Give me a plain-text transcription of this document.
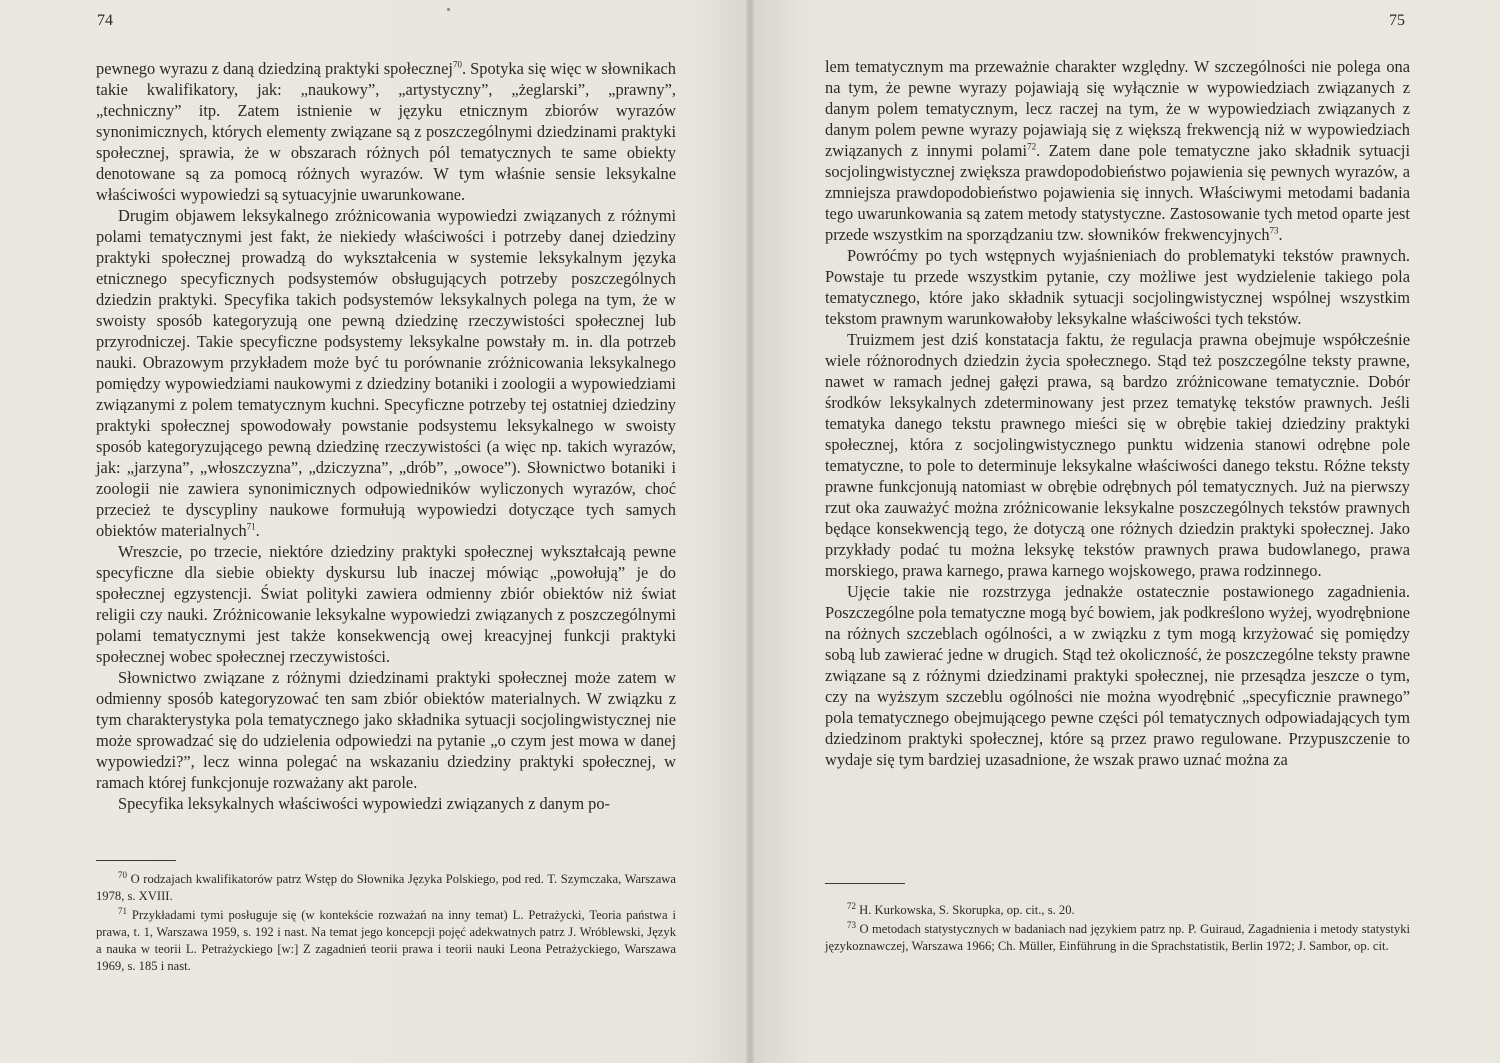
74

pewnego wyrazu z daną dziedziną praktyki społecznej$^{70}$. Spotyka się więc w słownikach takie kwalifikatory, jak: „naukowy”, „artystyczny”, „żeglarski”, „prawny”, „techniczny” itp. Zatem istnienie w języku etnicznym zbiorów wyrazów synonimicznych, których elementy związane są z poszczególnymi dziedzinami praktyki społecznej, sprawia, że w obszarach różnych pól tematycznych te same obiekty denotowane są za pomocą różnych wyrazów. W tym właśnie sensie leksykalne właściwości wypowiedzi są sytuacyjnie uwarunkowane.

Drugim objawem leksykalnego zróżnicowania wypowiedzi związanych z różnymi polami tematycznymi jest fakt, że niekiedy właściwości i potrzeby danej dziedziny praktyki społecznej prowadzą do wykształcenia w systemie leksykalnym języka etnicznego specyficznych podsystemów obsługujących potrzeby poszczególnych dziedzin praktyki. Specyfika takich podsystemów leksykalnych polega na tym, że w swoisty sposób kategoryzują one pewną dziedzinę rzeczywistości społecznej lub przyrodniczej. Takie specyficzne podsystemy leksykalne powstały m. in. dla potrzeb nauki. Obrazowym przykładem może być tu porównanie zróżnicowania leksykalnego pomiędzy wypowiedziami naukowymi z dziedziny botaniki i zoologii a wypowiedziami związanymi z polem tematycznym kuchni. Specyficzne potrzeby tej ostatniej dziedziny praktyki społecznej spowodowały powstanie podsystemu leksykalnego w swoisty sposób kategoryzującego pewną dziedzinę rzeczywistości (a więc np. takich wyrazów, jak: „jarzyna”, „włoszczyzna”, „dziczyzna”, „drób”, „owoce”). Słownictwo botaniki i zoologii nie zawiera synonimicznych odpowiedników wyliczonych wyrazów, choć przecież te dyscypliny naukowe formułują wypowiedzi dotyczące tych samych obiektów materialnych$^{71}$.

Wreszcie, po trzecie, niektóre dziedziny praktyki społecznej wykształcają pewne specyficzne dla siebie obiekty dyskursu lub inaczej mówiąc „powołują” je do społecznej egzystencji. Świat polityki zawiera odmienny zbiór obiektów niż świat religii czy nauki. Zróżnicowanie leksykalne wypowiedzi związanych z poszczególnymi polami tematycznymi jest także konsekwencją owej kreacyjnej funkcji praktyki społecznej wobec społecznej rzeczywistości.

Słownictwo związane z różnymi dziedzinami praktyki społecznej może zatem w odmienny sposób kategoryzować ten sam zbiór obiektów materialnych. W związku z tym charakterystyka pola tematycznego jako składnika sytuacji socjolingwistycznej nie może sprowadzać się do udzielenia odpowiedzi na pytanie „o czym jest mowa w danej wypowiedzi?”, lecz winna polegać na wskazaniu dziedziny praktyki społecznej, w ramach której funkcjonuje rozważany akt parole.

Specyfika leksykalnych właściwości wypowiedzi związanych z danym po-

$^{70}$ O rodzajach kwalifikatorów patrz Wstęp do Słownika Języka Polskiego, pod red. T. Szymczaka, Warszawa 1978, s. XVIII.

$^{71}$ Przykładami tymi posługuje się (w kontekście rozważań na inny temat) L. Petrażycki, Teoria państwa i prawa, t. 1, Warszawa 1959, s. 192 i nast. Na temat jego koncepcji pojęć adekwatnych patrz J. Wróblewski, Język a nauka w teorii L. Petrażyckiego [w:] Z zagadnień teorii prawa i teorii nauki Leona Petrażyckiego, Warszawa 1969, s. 185 i nast.

75

lem tematycznym ma przeważnie charakter względny. W szczególności nie polega ona na tym, że pewne wyrazy pojawiają się wyłącznie w wypowiedziach związanych z danym polem tematycznym, lecz raczej na tym, że w wypowiedziach związanych z danym polem pewne wyrazy pojawiają się z większą frekwencją niż w wypowiedziach związanych z innymi polami$^{72}$. Zatem dane pole tematyczne jako składnik sytuacji socjolingwistycznej zwiększa prawdopodobieństwo pojawienia się pewnych wyrazów, a zmniejsza prawdopodobieństwo pojawienia się innych. Właściwymi metodami badania tego uwarunkowania są zatem metody statystyczne. Zastosowanie tych metod oparte jest przede wszystkim na sporządzaniu tzw. słowników frekwencyjnych$^{73}$.

Powróćmy po tych wstępnych wyjaśnieniach do problematyki tekstów prawnych. Powstaje tu przede wszystkim pytanie, czy możliwe jest wydzielenie takiego pola tematycznego, które jako składnik sytuacji socjolingwistycznej wspólnej wszystkim tekstom prawnym warunkowałoby leksykalne właściwości tych tekstów.

Truizmem jest dziś konstatacja faktu, że regulacja prawna obejmuje współcześnie wiele różnorodnych dziedzin życia społecznego. Stąd też poszczególne teksty prawne, nawet w ramach jednej gałęzi prawa, są bardzo zróżnicowane tematycznie. Dobór środków leksykalnych zdeterminowany jest przez tematykę tekstów prawnych. Jeśli tematyka danego tekstu prawnego mieści się w obrębie takiej dziedziny praktyki społecznej, która z socjolingwistycznego punktu widzenia stanowi odrębne pole tematyczne, to pole to determinuje leksykalne właściwości danego tekstu. Różne teksty prawne funkcjonują natomiast w obrębie odrębnych pól tematycznych. Już na pierwszy rzut oka zauważyć można zróżnicowanie leksykalne poszczególnych tekstów prawnych będące konsekwencją tego, że dotyczą one różnych dziedzin praktyki społecznej. Jako przykłady podać tu można leksykę tekstów prawnych prawa budowlanego, prawa morskiego, prawa karnego, prawa karnego wojskowego, prawa rodzinnego.

Ujęcie takie nie rozstrzyga jednakże ostatecznie postawionego zagadnienia. Poszczególne pola tematyczne mogą być bowiem, jak podkreślono wyżej, wyodrębnione na różnych szczeblach ogólności, a w związku z tym mogą krzyżować się pomiędzy sobą lub zawierać jedne w drugich. Stąd też okoliczność, że poszczególne teksty prawne związane są z różnymi dziedzinami praktyki społecznej, nie przesądza jeszcze o tym, czy na wyższym szczeblu ogólności nie można wyodrębnić „specyficznie prawnego” pola tematycznego obejmującego pewne części pól tematycznych odpowiadających tym dziedzinom praktyki społecznej, które są przez prawo regulowane. Przypuszczenie to wydaje się tym bardziej uzasadnione, że wszak prawo uznać można za

$^{72}$ H. Kurkowska, S. Skorupka, op. cit., s. 20.

$^{73}$ O metodach statystycznych w badaniach nad językiem patrz np. P. Guiraud, Zagadnienia i metody statystyki językoznawczej, Warszawa 1966; Ch. Müller, Einführung in die Sprachstatistik, Berlin 1972; J. Sambor, op. cit.
